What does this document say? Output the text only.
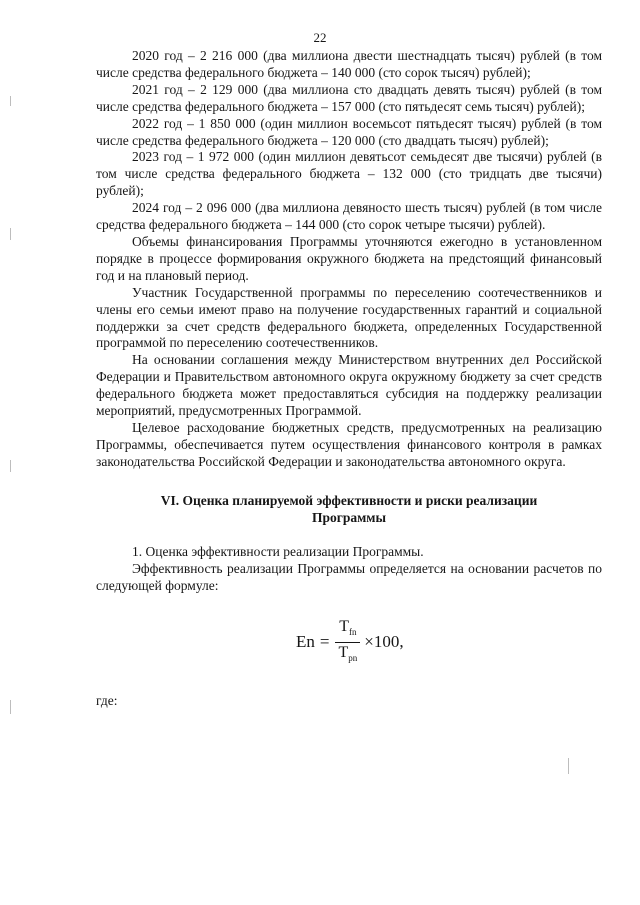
22

2020 год – 2 216 000 (два миллиона двести шестнадцать тысяч) рублей (в том числе средства федерального бюджета – 140 000 (сто сорок тысяч) рублей);

2021 год – 2 129 000 (два миллиона сто двадцать девять тысяч) рублей (в том числе средства федерального бюджета – 157 000 (сто пятьдесят семь тысяч) рублей);

2022 год – 1 850 000 (один миллион восемьсот пятьдесят тысяч) рублей (в том числе средства федерального бюджета – 120 000 (сто двадцать тысяч) рублей);

2023 год – 1 972 000 (один миллион девятьсот семьдесят две тысячи) рублей (в том числе средства федерального бюджета – 132 000 (сто тридцать две тысячи) рублей);

2024 год – 2 096 000 (два миллиона девяносто шесть тысяч) рублей (в том числе средства федерального бюджета – 144 000 (сто сорок четыре тысячи) рублей).

Объемы финансирования Программы уточняются ежегодно в установленном порядке в процессе формирования окружного бюджета на предстоящий финансовый год и на плановый период.

Участник Государственной программы по переселению соотечественников и члены его семьи имеют право на получение государственных гарантий и социальной поддержки за счет средств федерального бюджета, определенных Государственной программой по переселению соотечественников.

На основании соглашения между Министерством внутренних дел Российской Федерации и Правительством автономного округа окружному бюджету за счет средств федерального бюджета может предоставляться субсидия на поддержку реализации мероприятий, предусмотренных Программой.

Целевое расходование бюджетных средств, предусмотренных на реализацию Программы, обеспечивается путем осуществления финансового контроля в рамках законодательства Российской Федерации и законодательства автономного округа.

VI. Оценка планируемой эффективности и риски реализации
Программы

1. Оценка эффективности реализации Программы.

Эффективность реализации Программы определяется на основании расчетов по следующей формуле:

$En = \frac{T_{fn}}{T_{pn}} \times 100$,

где:
